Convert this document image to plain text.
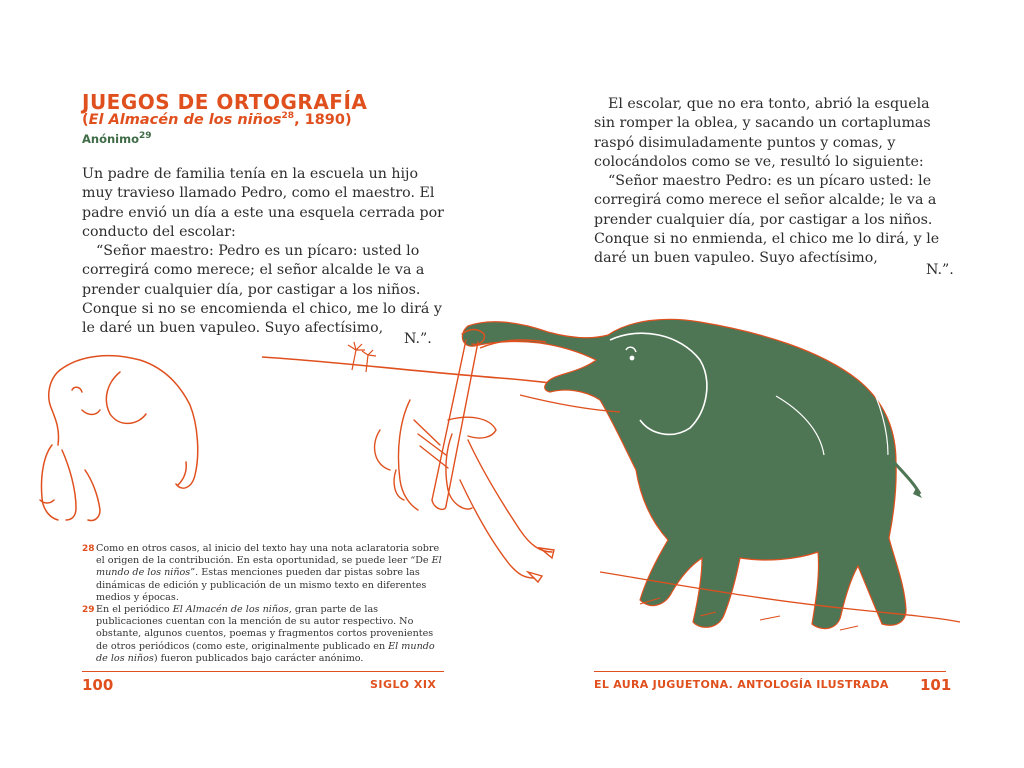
JUEGOS DE ORTOGRAFÍA
(El Almacén de los niños$^{28}$, 1890)
Anónimo$^{29}$

Un padre de familia tenía en la escuela un hijo muy travieso llamado Pedro, como el maestro. El padre envió un día a este una esquela cerrada por conducto del escolar:

“Señor maestro: Pedro es un pícaro: usted lo corregirá como merece; el señor alcalde le va a prender cualquier día, por castigar a los niños. Conque si no se encomienda el chico, me lo dirá y le daré un buen vapuleo. Suyo afectísimo,

N.”.
28 Como en otros casos, al inicio del texto hay una nota aclaratoria sobre el origen de la contribución. En esta oportunidad, se puede leer “De El mundo de los niños”. Estas menciones pueden dar pistas sobre las dinámicas de edición y publicación de un mismo texto en diferentes medios y épocas.
29 En el periódico El Almacén de los niños, gran parte de las publicaciones cuentan con la mención de su autor respectivo. No obstante, algunos cuentos, poemas y fragmentos cortos provenientes de otros periódicos (como este, originalmente publicado en El mundo de los niños) fueron publicados bajo carácter anónimo.
100	SIGLO XIX

El escolar, que no era tonto, abrió la esquela sin romper la oblea, y sacando un cortaplumas raspó disimuladamente puntos y comas, y colocándolos como se ve, resultó lo siguiente:

“Señor maestro Pedro: es un pícaro usted: le corregirá como merece el señor alcalde; le va a prender cualquier día, por castigar a los niños. Conque si no enmienda, el chico me lo dirá, y le daré un buen vapuleo. Suyo afectísimo,

N.”.
EL AURA JUGUETONA. ANTOLOGÍA ILUSTRADA 101
